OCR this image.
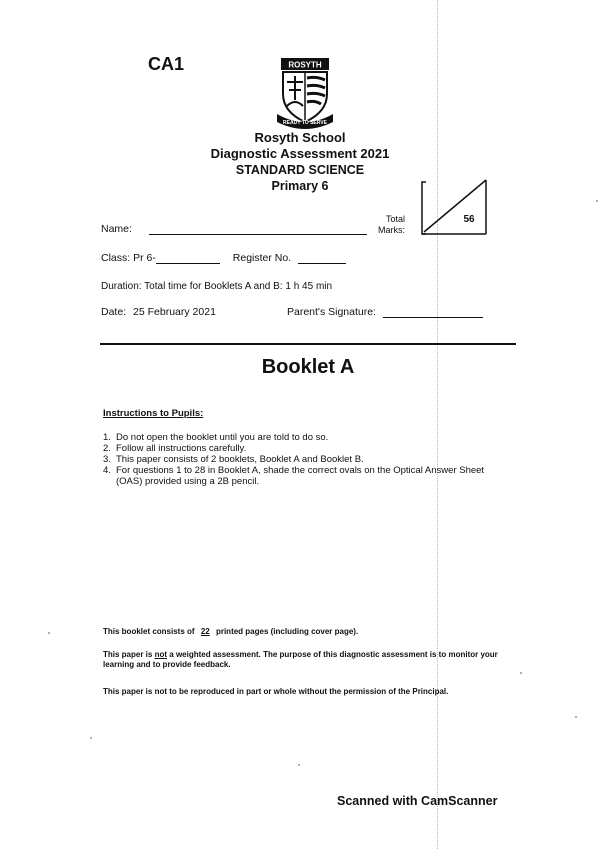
CA1	ROSYTH
READY TO SERVE
Rosyth School
Diagnostic Assessment 2021
STANDARD SCIENCE
Primary 6
56
Total
Marks:
Name:
Class: Pr 6-	Register No.
Duration: Total time for Booklets A and B: 1 h 45 min
Date: 25 February 2021	Parent's Signature:
Booklet A
Instructions to Pupils:
1. Do not open the booklet until you are told to do so.
2. Follow all instructions carefully.
3. This paper consists of 2 booklets, Booklet A and Booklet B.
4. For questions 1 to 28 in Booklet A, shade the correct ovals on the Optical Answer Sheet (OAS) provided using a 2B pencil.
This booklet consists of 22 printed pages (including cover page).
This paper is not a weighted assessment. The purpose of this diagnostic assessment is to monitor your learning and to provide feedback.
This paper is not to be reproduced in part or whole without the permission of the Principal.
Scanned with CamScanner
